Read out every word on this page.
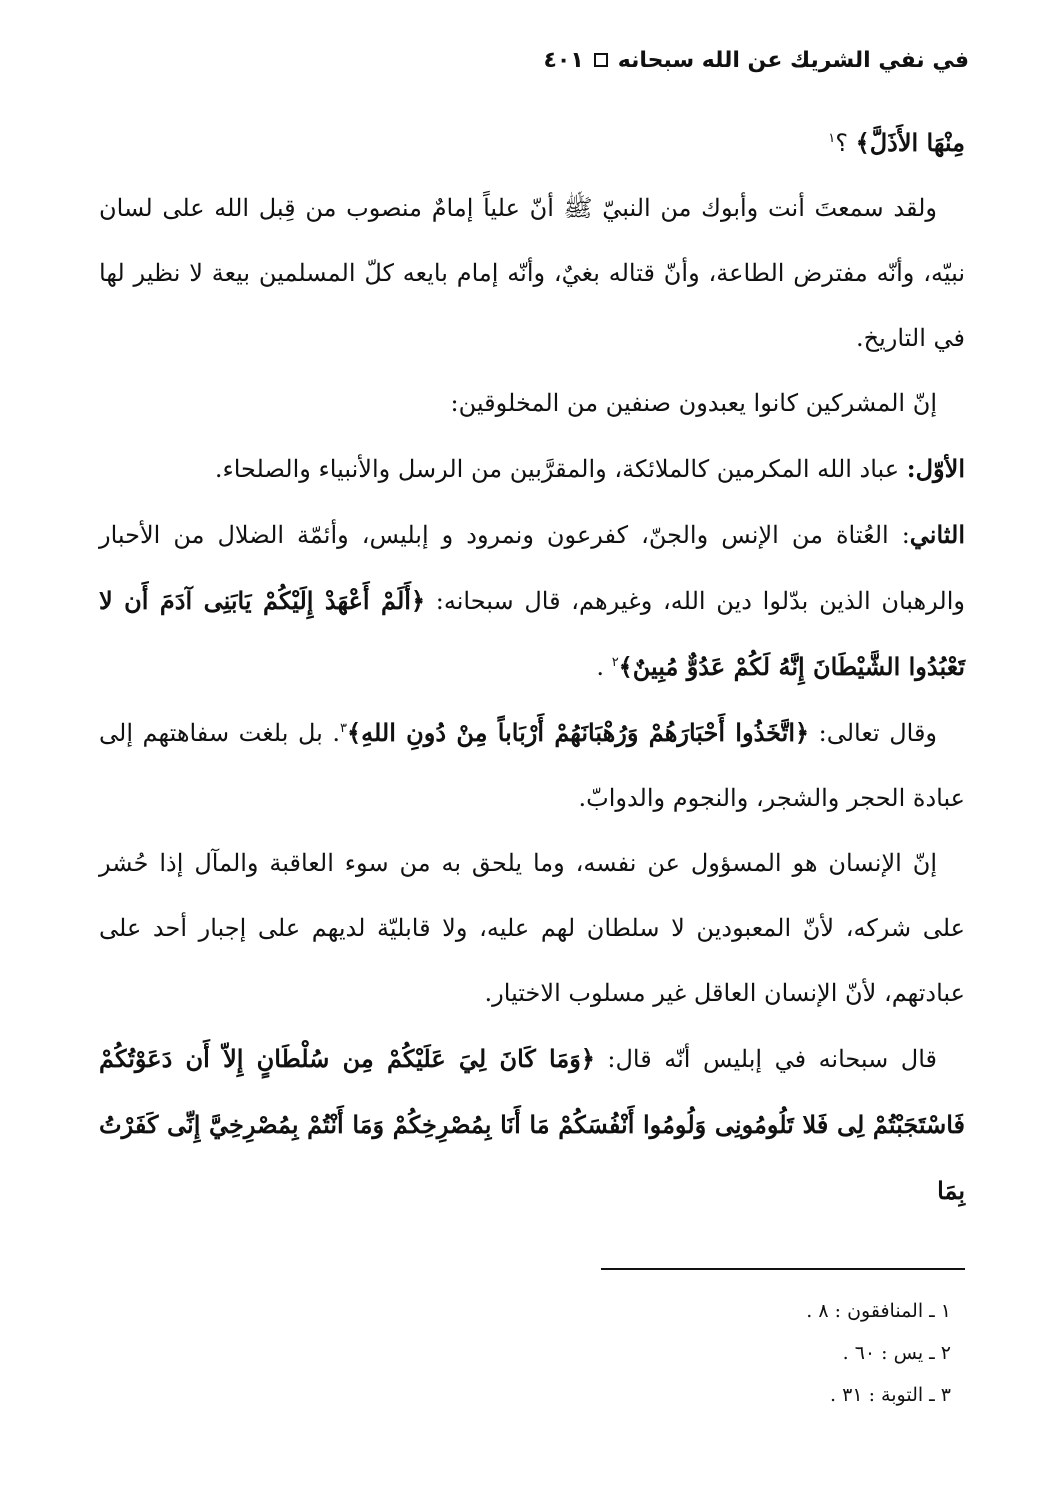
في نفي الشريك عن الله سبحانه
٤٠١

مِنْهَا الأَذَلَّ﴾ ؟$^١$

ولقد سمعتَ أنت وأبوك من النبيّ ﷺ أنّ علياً إمامٌ منصوب من قِبل الله على لسان نبيّه، وأنّه مفترض الطاعة، وأنّ قتاله بغيٌ، وأنّه إمام بايعه كلّ المسلمين بيعة لا نظير لها في التاريخ.

إنّ المشركين كانوا يعبدون صنفين من المخلوقين:

الأوّل: عباد الله المكرمين كالملائكة، والمقرَّبين من الرسل والأنبياء والصلحاء.

الثاني: العُتاة من الإنس والجنّ، كفرعون ونمرود و إبليس، وأئمّة الضلال من الأحبار والرهبان الذين بدّلوا دين الله، وغيرهم، قال سبحانه: ﴿أَلَمْ أَعْهَدْ إِلَيْكُمْ يَابَنِى آدَمَ أَن لا تَعْبُدُوا الشَّيْطَانَ إِنَّهُ لَكُمْ عَدُوٌّ مُبِينٌ﴾$^٢$ .

وقال تعالى: ﴿اتَّخَذُوا أَحْبَارَهُمْ وَرُهْبَانَهُمْ أَرْبَاباً مِنْ دُونِ اللهِ﴾$^٣$. بل بلغت سفاهتهم إلى عبادة الحجر والشجر، والنجوم والدوابّ.

إنّ الإنسان هو المسؤول عن نفسه، وما يلحق به من سوء العاقبة والمآل إذا حُشر على شركه، لأنّ المعبودين لا سلطان لهم عليه، ولا قابليّة لديهم على إجبار أحد على عبادتهم، لأنّ الإنسان العاقل غير مسلوب الاختيار.

قال سبحانه في إبليس أنّه قال: ﴿وَمَا كَانَ لِيَ عَلَيْكُمْ مِن سُلْطَانٍ إِلاّ أَن دَعَوْتُكُمْ فَاسْتَجَبْتُمْ لِى فَلا تَلُومُونِى وَلُومُوا أَنْفُسَكُمْ مَا أَنَا بِمُصْرِخِكُمْ وَمَا أَنْتُمْ بِمُصْرِخِيَّ إِنِّى كَفَرْتُ بِمَا

١ ـ المنافقون : ٨ .
٢ ـ يس : ٦٠ .
٣ ـ التوبة : ٣١ .
